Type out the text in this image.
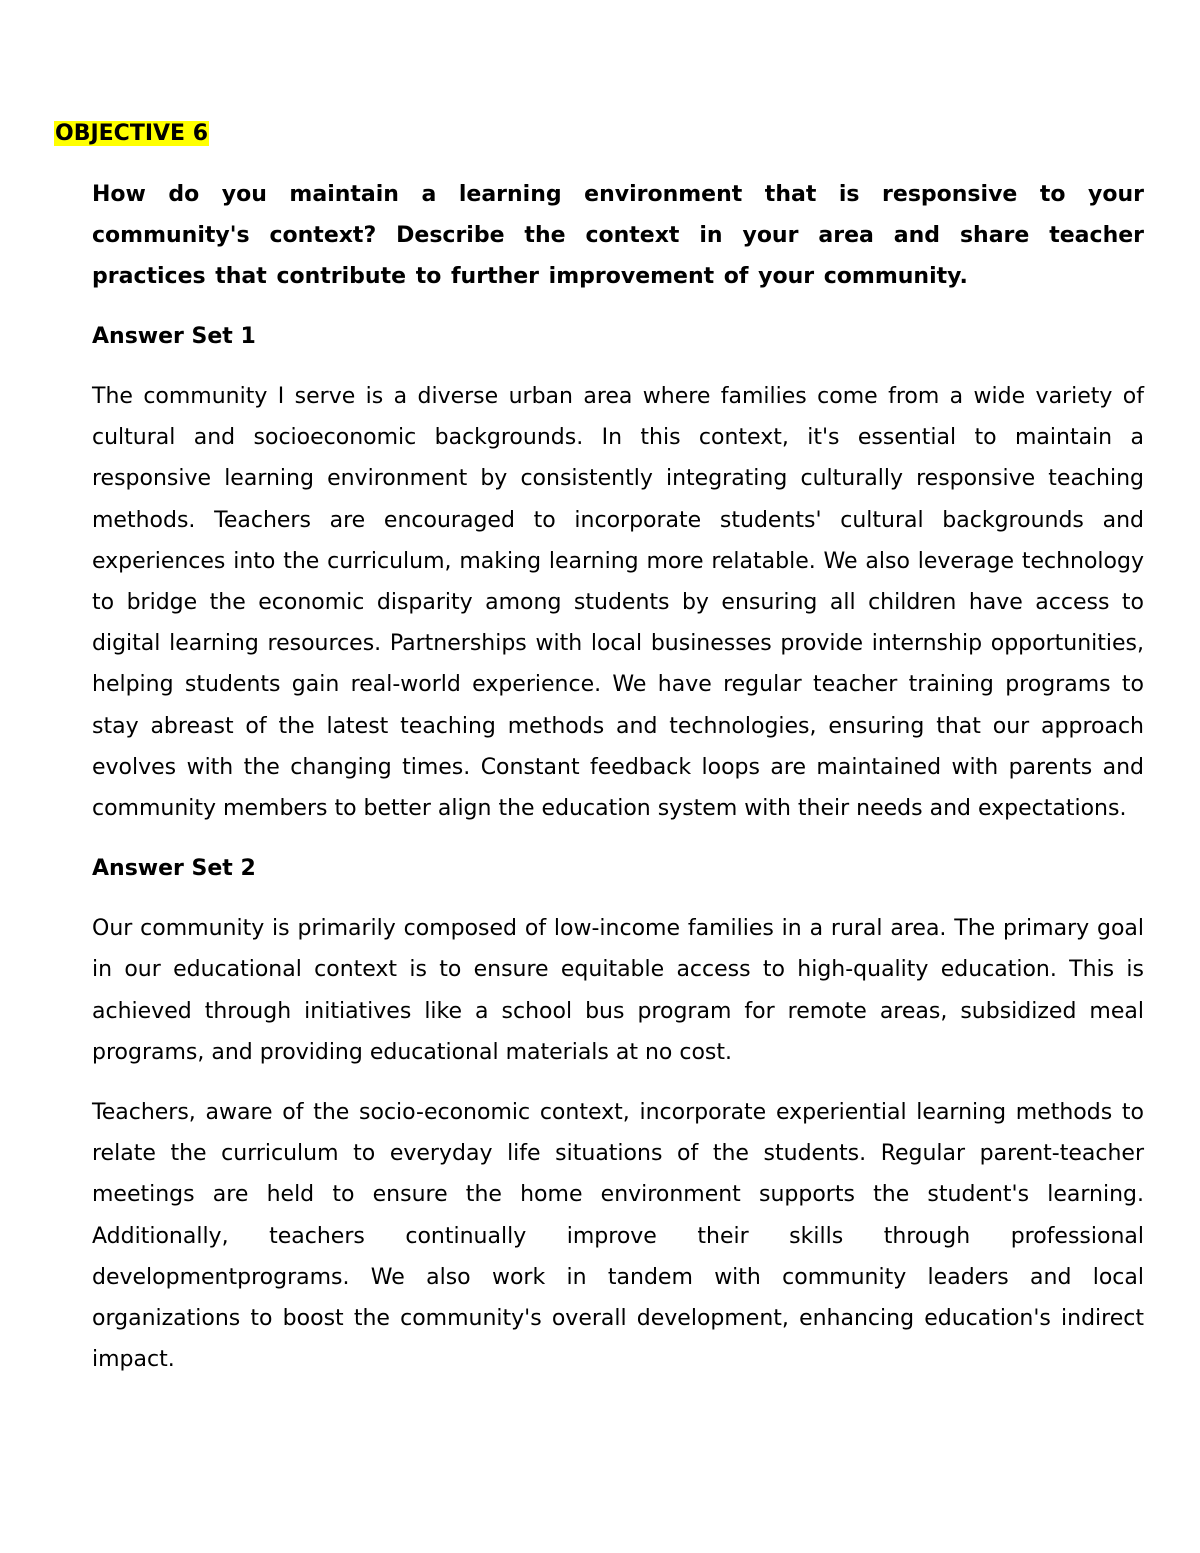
OBJECTIVE 6

How do you maintain a learning environment that is responsive to your community's context? Describe the context in your area and share teacher practices that contribute to further improvement of your community.

Answer Set 1

The community I serve is a diverse urban area where families come from a wide variety of cultural and socioeconomic backgrounds. In this context, it's essential to maintain a responsive learning environment by consistently integrating culturally responsive teaching methods. Teachers are encouraged to incorporate students' cultural backgrounds and experiences into the curriculum, making learning more relatable. We also leverage technology to bridge the economic disparity among students by ensuring all children have access to digital learning resources. Partnerships with local businesses provide internship opportunities, helping students gain real-world experience. We have regular teacher training programs to stay abreast of the latest teaching methods and technologies, ensuring that our approach evolves with the changing times. Constant feedback loops are maintained with parents and community members to better align the education system with their needs and expectations.

Answer Set 2

Our community is primarily composed of low-income families in a rural area. The primary goal in our educational context is to ensure equitable access to high-quality education. This is achieved through initiatives like a school bus program for remote areas, subsidized meal programs, and providing educational materials at no cost.

Teachers, aware of the socio-economic context, incorporate experiential learning methods to relate the curriculum to everyday life situations of the students. Regular parent-teacher meetings are held to ensure the home environment supports the student's learning. Additionally, teachers continually improve their skills through professional developmentprograms. We also work in tandem with community leaders and local organizations to boost the community's overall development, enhancing education's indirect impact.
